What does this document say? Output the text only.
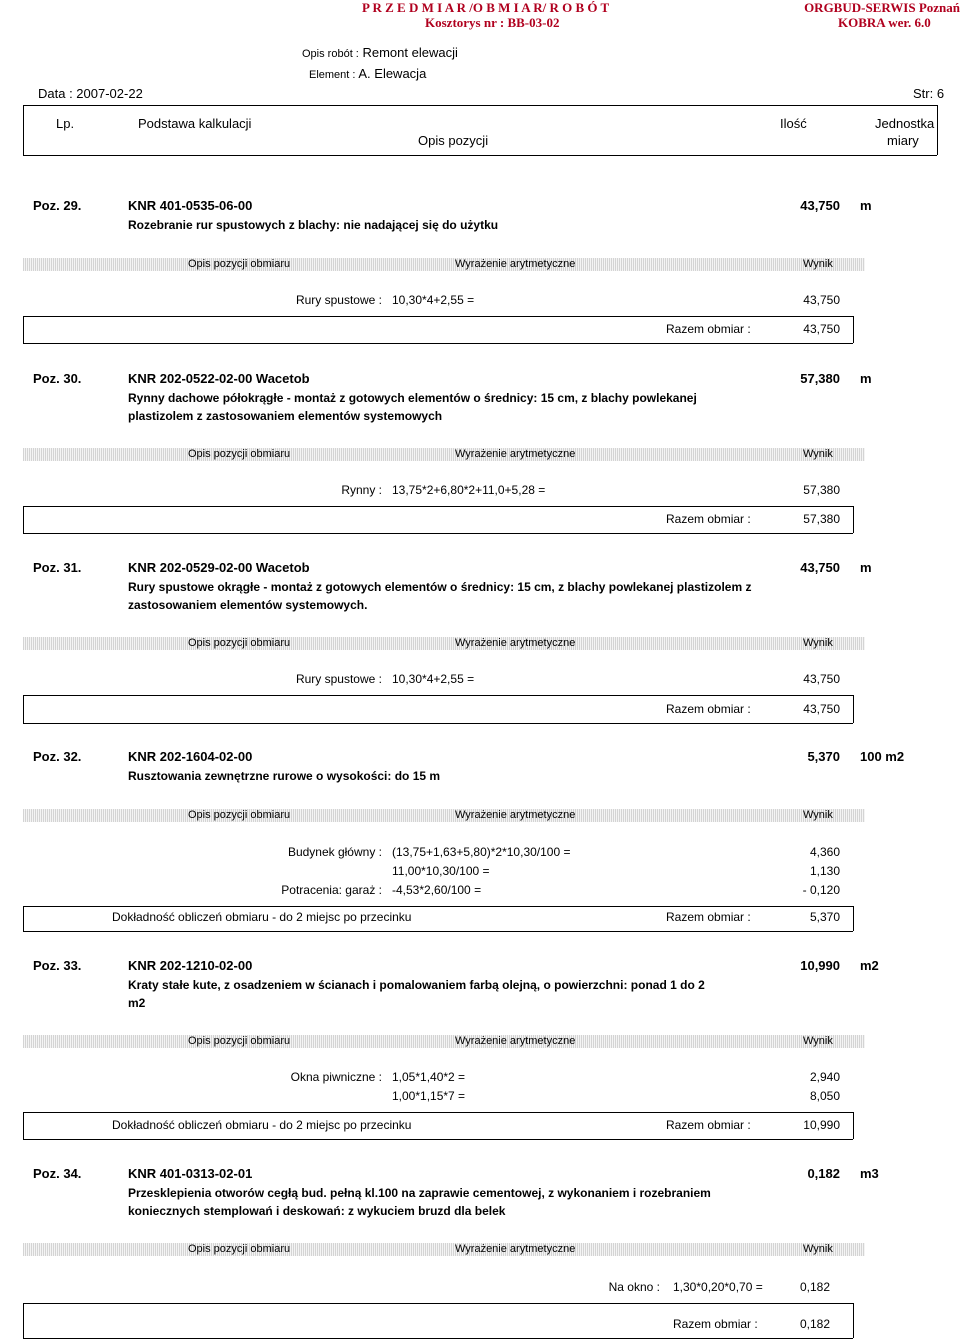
P R Z E D M I A R /O B M I A R/ R O B Ó T
Kosztorys nr : BB-03-02
ORGBUD-SERWIS Poznań
KOBRA wer. 6.0
Opis robót : Remont elewacji
Element : A. Elewacja
Data : 2007-02-22	Str: 6
Lp.	Podstawa kalkulacji
Opis pozycji
Ilość	Jednostka
miary
Poz. 29.	KNR 401-0535-06-00	43,750 m
Rozebranie rur spustowych z blachy: nie nadającej się do użytku
Opis pozycji obmiaru	Wyrażenie arytmetyczne	Wynik
Rury spustowe : 10,30*4+2,55 =	43,750
Razem obmiar :	43,750
Poz. 30.	KNR 202-0522-02-00 Wacetob	57,380 m
Rynny dachowe półokrągłe - montaż z gotowych elementów o średnicy: 15 cm, z blachy powlekanej
plastizolem z zastosowaniem elementów systemowych
Opis pozycji obmiaru	Wyrażenie arytmetyczne	Wynik
Rynny : 13,75*2+6,80*2+11,0+5,28 =	57,380
Razem obmiar :	57,380
Poz. 31.	KNR 202-0529-02-00 Wacetob	43,750 m
Rury spustowe okrągłe - montaż z gotowych elementów o średnicy: 15 cm, z blachy powlekanej plastizolem z
zastosowaniem elementów systemowych.
Opis pozycji obmiaru	Wyrażenie arytmetyczne	Wynik
Rury spustowe : 10,30*4+2,55 =	43,750
Razem obmiar :	43,750
Poz. 32.	KNR 202-1604-02-00	5,370 100 m2
Rusztowania zewnętrzne rurowe o wysokości: do 15 m
Opis pozycji obmiaru	Wyrażenie arytmetyczne	Wynik
Budynek główny : (13,75+1,63+5,80)*2*10,30/100 =	4,360
11,00*10,30/100 =	1,130
Potracenia: garaż : -4,53*2,60/100 =	- 0,120
Dokładność obliczeń obmiaru - do 2 miejsc po przecinku	Razem obmiar :	5,370
Poz. 33.	KNR 202-1210-02-00	10,990 m2
Kraty stałe kute, z osadzeniem w ścianach i pomalowaniem farbą olejną, o powierzchni: ponad 1 do 2
m2
Opis pozycji obmiaru	Wyrażenie arytmetyczne	Wynik
Okna piwniczne : 1,05*1,40*2 =	2,940
1,00*1,15*7 =	8,050
Dokładność obliczeń obmiaru - do 2 miejsc po przecinku	Razem obmiar :	10,990
Poz. 34.	KNR 401-0313-02-01	0,182 m3
Przesklepienia otworów cegłą bud. pełną kl.100 na zaprawie cementowej, z wykonaniem i rozebraniem
koniecznych stemplowań i deskowań: z wykuciem bruzd dla belek
Opis pozycji obmiaru	Wyrażenie arytmetyczne	Wynik
Na okno : 1,30*0,20*0,70 =	0,182
Razem obmiar :	0,182
